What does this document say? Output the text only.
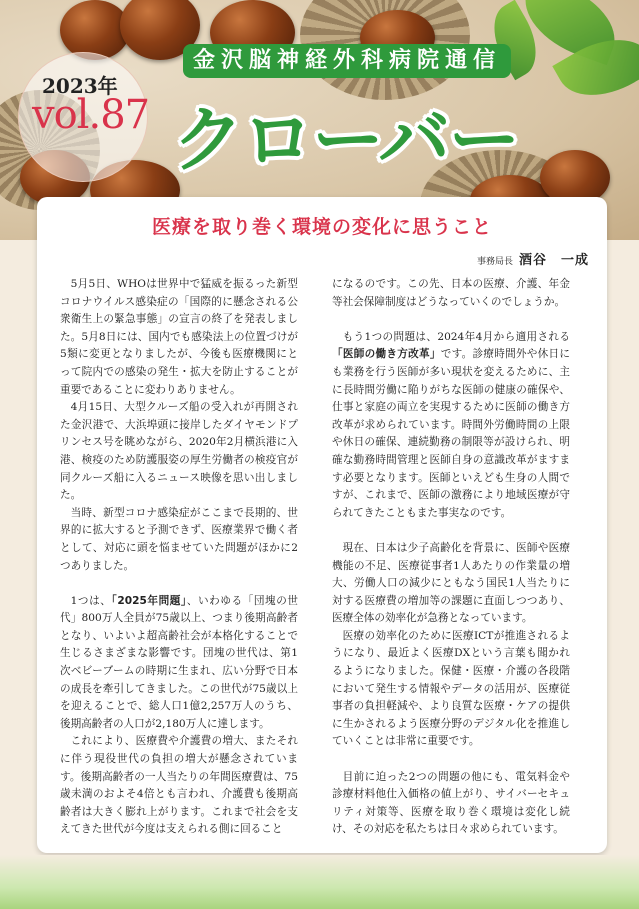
2023年
vol.87
金沢脳神経外科病院通信
クローバー
医療を取り巻く環境の変化に思うこと
事務局長 酒谷　一成

5月5日、WHOは世界中で猛威を振るった新型コロナウイルス感染症の「国際的に懸念される公衆衛生上の緊急事態」の宣言の終了を発表しました。5月8日には、国内でも感染法上の位置づけが5類に変更となりましたが、今後も医療機関にとって院内での感染の発生・拡大を防止することが重要であることに変わりありません。

4月15日、大型クルーズ船の受入れが再開された金沢港で、大浜埠頭に接岸したダイヤモンドプリンセス号を眺めながら、2020年2月横浜港に入港、検疫のため防護服姿の厚生労働者の検疫官が同クルーズ船に入るニュース映像を思い出しました。

当時、新型コロナ感染症がここまで長期的、世界的に拡大すると予測できず、医療業界で働く者として、対応に頭を悩ませていた問題がほかに2つありました。

1つは、「2025年問題」、いわゆる「団塊の世代」800万人全員が75歳以上、つまり後期高齢者となり、いよいよ超高齢社会が本格化することで生じるさまざまな影響です。団塊の世代は、第1次ベビーブームの時期に生まれ、広い分野で日本の成長を牽引してきました。この世代が75歳以上を迎えることで、総人口1億2,257万人のうち、後期高齢者の人口が2,180万人に達します。

これにより、医療費や介護費の増大、またそれに伴う現役世代の負担の増大が懸念されています。後期高齢者の一人当たりの年間医療費は、75歳未満のおよそ4倍とも言われ、介護費も後期高齢者は大きく膨れ上がります。これまで社会を支えてきた世代が今度は支えられる側に回ること

になるのです。この先、日本の医療、介護、年金等社会保障制度はどうなっていくのでしょうか。

もう1つの問題は、2024年4月から適用される「医師の働き方改革」です。診療時間外や休日にも業務を行う医師が多い現状を変えるために、主に長時間労働に陥りがちな医師の健康の確保や、仕事と家庭の両立を実現するために医師の働き方改革が求められています。時間外労働時間の上限や休日の確保、連続勤務の制限等が設けられ、明確な勤務時間管理と医師自身の意識改革がますます必要となります。医師といえども生身の人間ですが、これまで、医師の激務により地域医療が守られてきたこともまた事実なのです。

現在、日本は少子高齢化を背景に、医師や医療機能の不足、医療従事者1人あたりの作業量の増大、労働人口の減少にともなう国民1人当たりに対する医療費の増加等の課題に直面しつつあり、医療全体の効率化が急務となっています。

医療の効率化のために医療ICTが推進されるようになり、最近よく医療DXという言葉も聞かれるようになりました。保健・医療・介護の各段階において発生する情報やデータの活用が、医療従事者の負担軽減や、より良質な医療・ケアの提供に生かされるよう医療分野のデジタル化を推進していくことは非常に重要です。

目前に迫った2つの問題の他にも、電気料金や診療材料他仕入価格の値上がり、サイバーセキュリティ対策等、医療を取り巻く環境は変化し続け、その対応を私たちは日々求められています。
